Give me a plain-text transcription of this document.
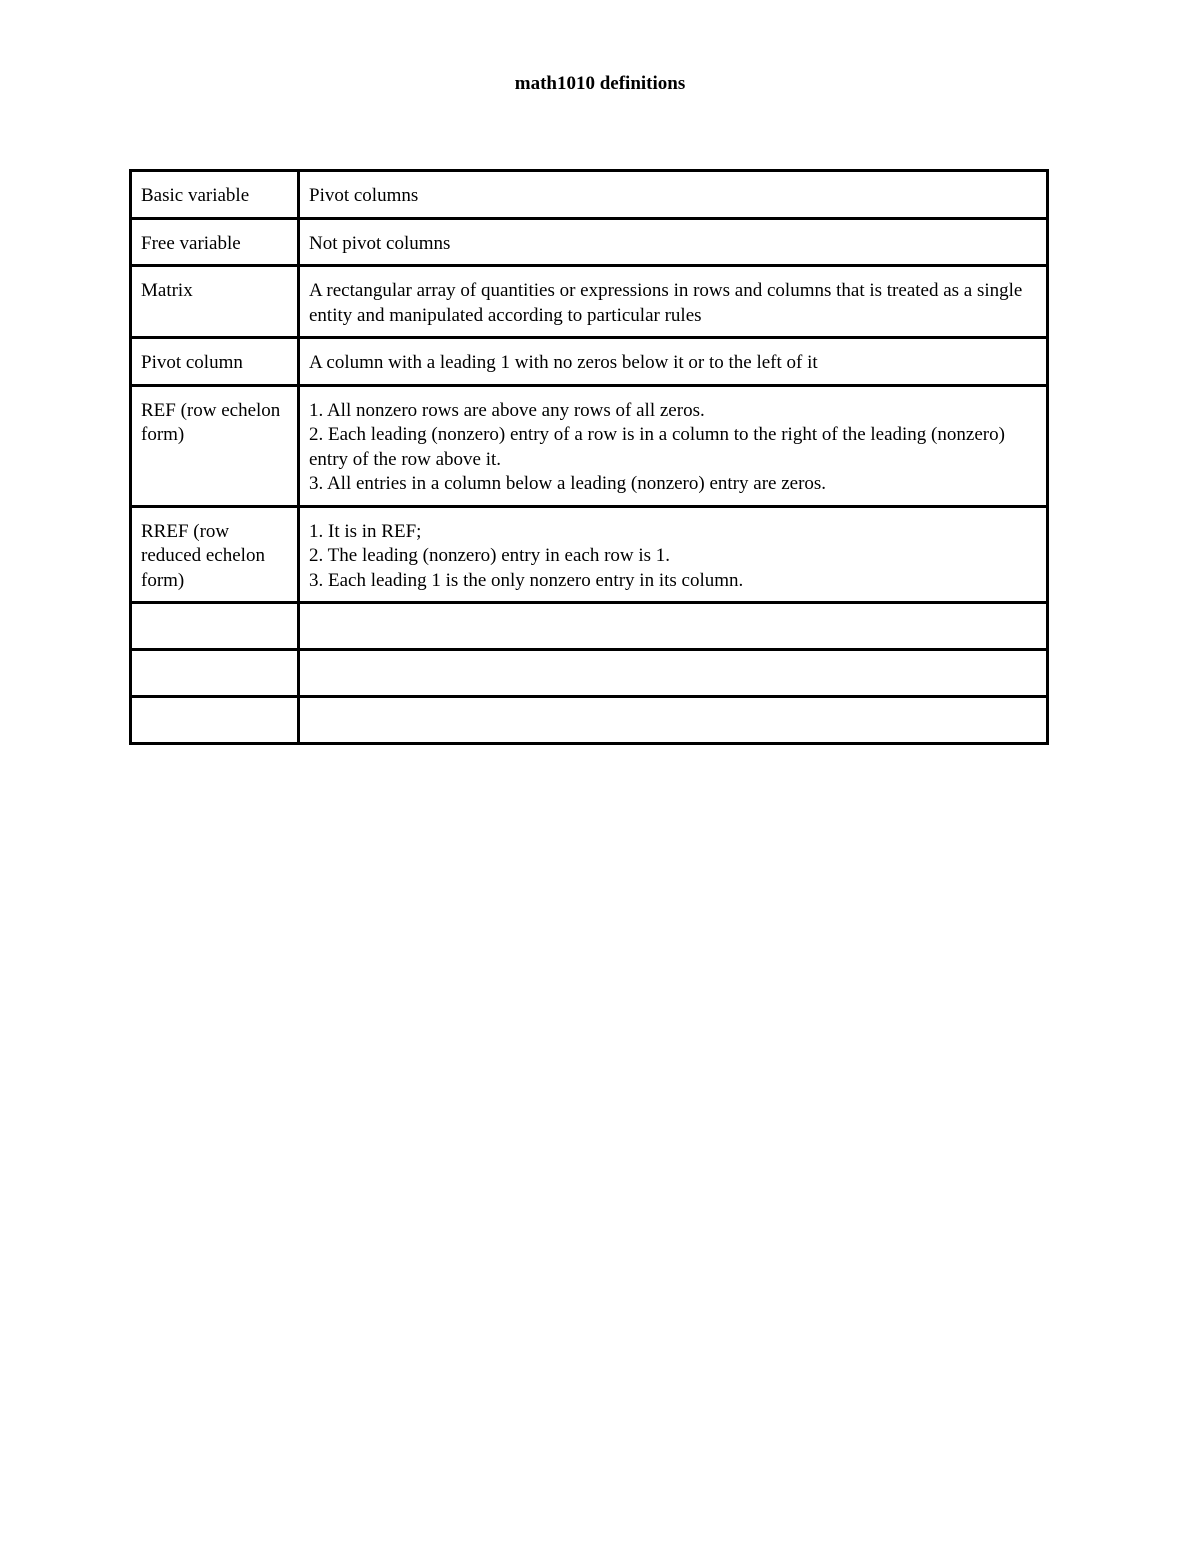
math1010 definitions
Basic variable	Pivot columns

Free variable	Not pivot columns

Matrix	A rectangular array of quantities or expressions in rows and columns that is treated as a single entity and manipulated according to particular rules

Pivot column	A column with a leading 1 with no zeros below it or to the left of it

REF (row echelon form)	1. All nonzero rows are above any rows of all zeros.
2. Each leading (nonzero) entry of a row is in a column to the right of the leading (nonzero) entry of the row above it.
3. All entries in a column below a leading (nonzero) entry are zeros.

RREF (row reduced echelon form)	1. It is in REF;
2. The leading (nonzero) entry in each row is 1.
3. Each leading 1 is the only nonzero entry in its column.
